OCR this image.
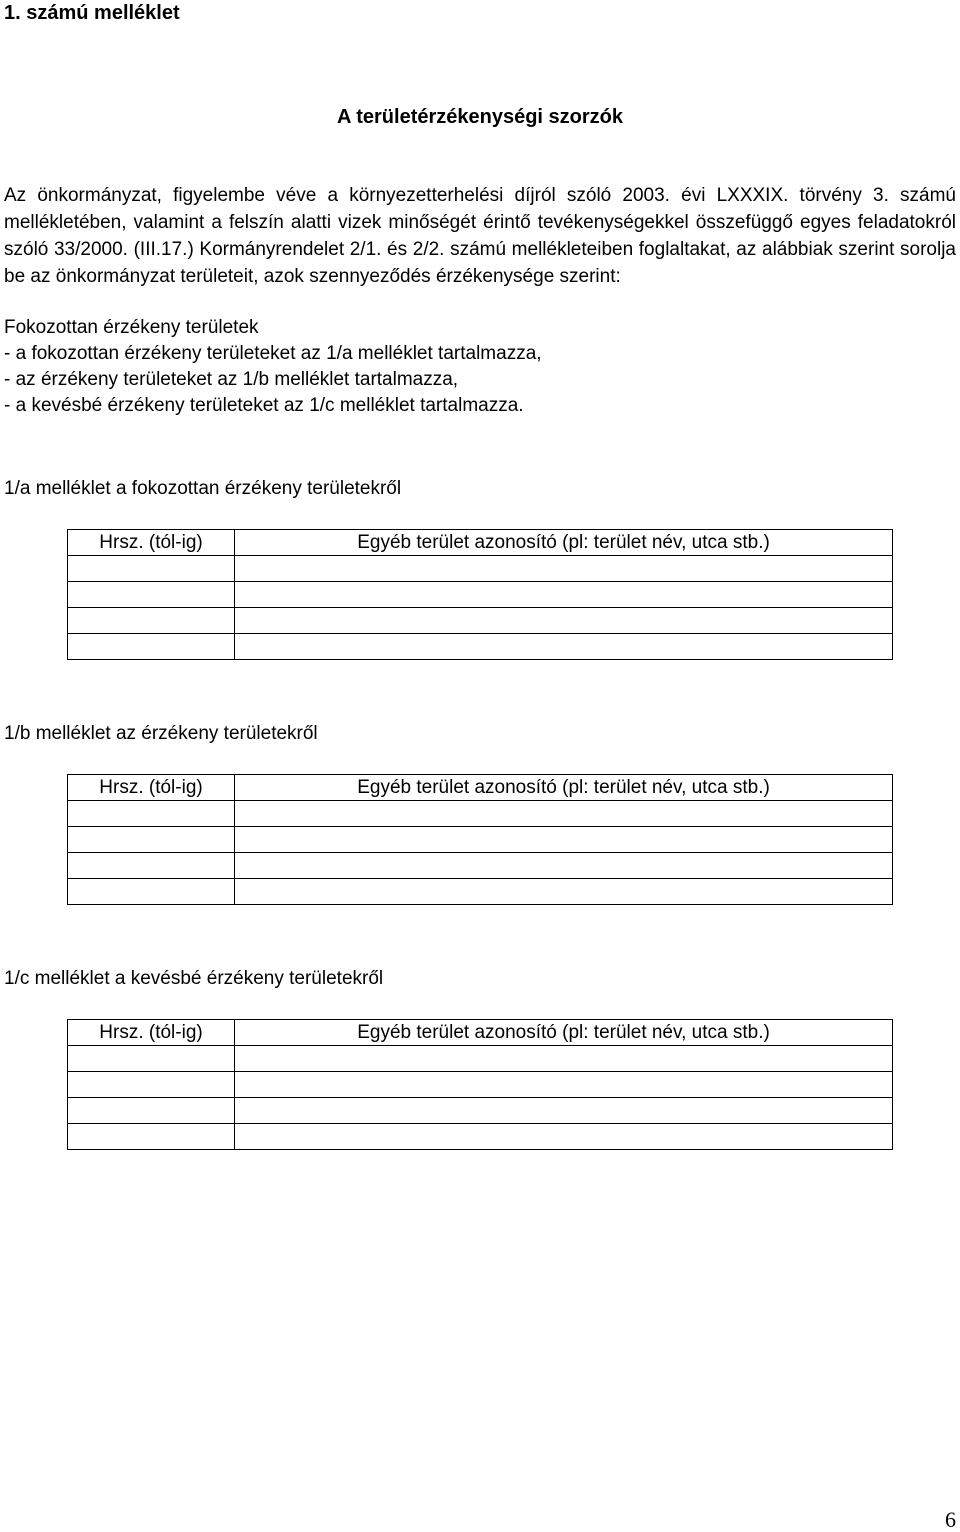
1. számú melléklet
A területérzékenységi szorzók
Az önkormányzat, figyelembe véve a környezetterhelési díjról szóló 2003. évi LXXXIX. törvény 3. számú mellékletében, valamint a felszín alatti vizek minőségét érintő tevékenységekkel összefüggő egyes feladatokról szóló 33/2000. (III.17.) Kormányrendelet 2/1. és 2/2. számú mellékleteiben foglaltakat, az alábbiak szerint sorolja be az önkormányzat területeit, azok szennyeződés érzékenysége szerint:
Fokozottan érzékeny területek
- a fokozottan érzékeny területeket az 1/a melléklet tartalmazza,
- az érzékeny területeket az 1/b melléklet tartalmazza,
- a kevésbé érzékeny területeket az 1/c melléklet tartalmazza.
1/a melléklet a fokozottan érzékeny területekről
Hrsz. (tól-ig)	Egyéb terület azonosító (pl: terület név, utca stb.)

1/b melléklet az érzékeny területekről
Hrsz. (tól-ig)	Egyéb terület azonosító (pl: terület név, utca stb.)

1/c melléklet a kevésbé érzékeny területekről
Hrsz. (tól-ig)	Egyéb terület azonosító (pl: terület név, utca stb.)

6
